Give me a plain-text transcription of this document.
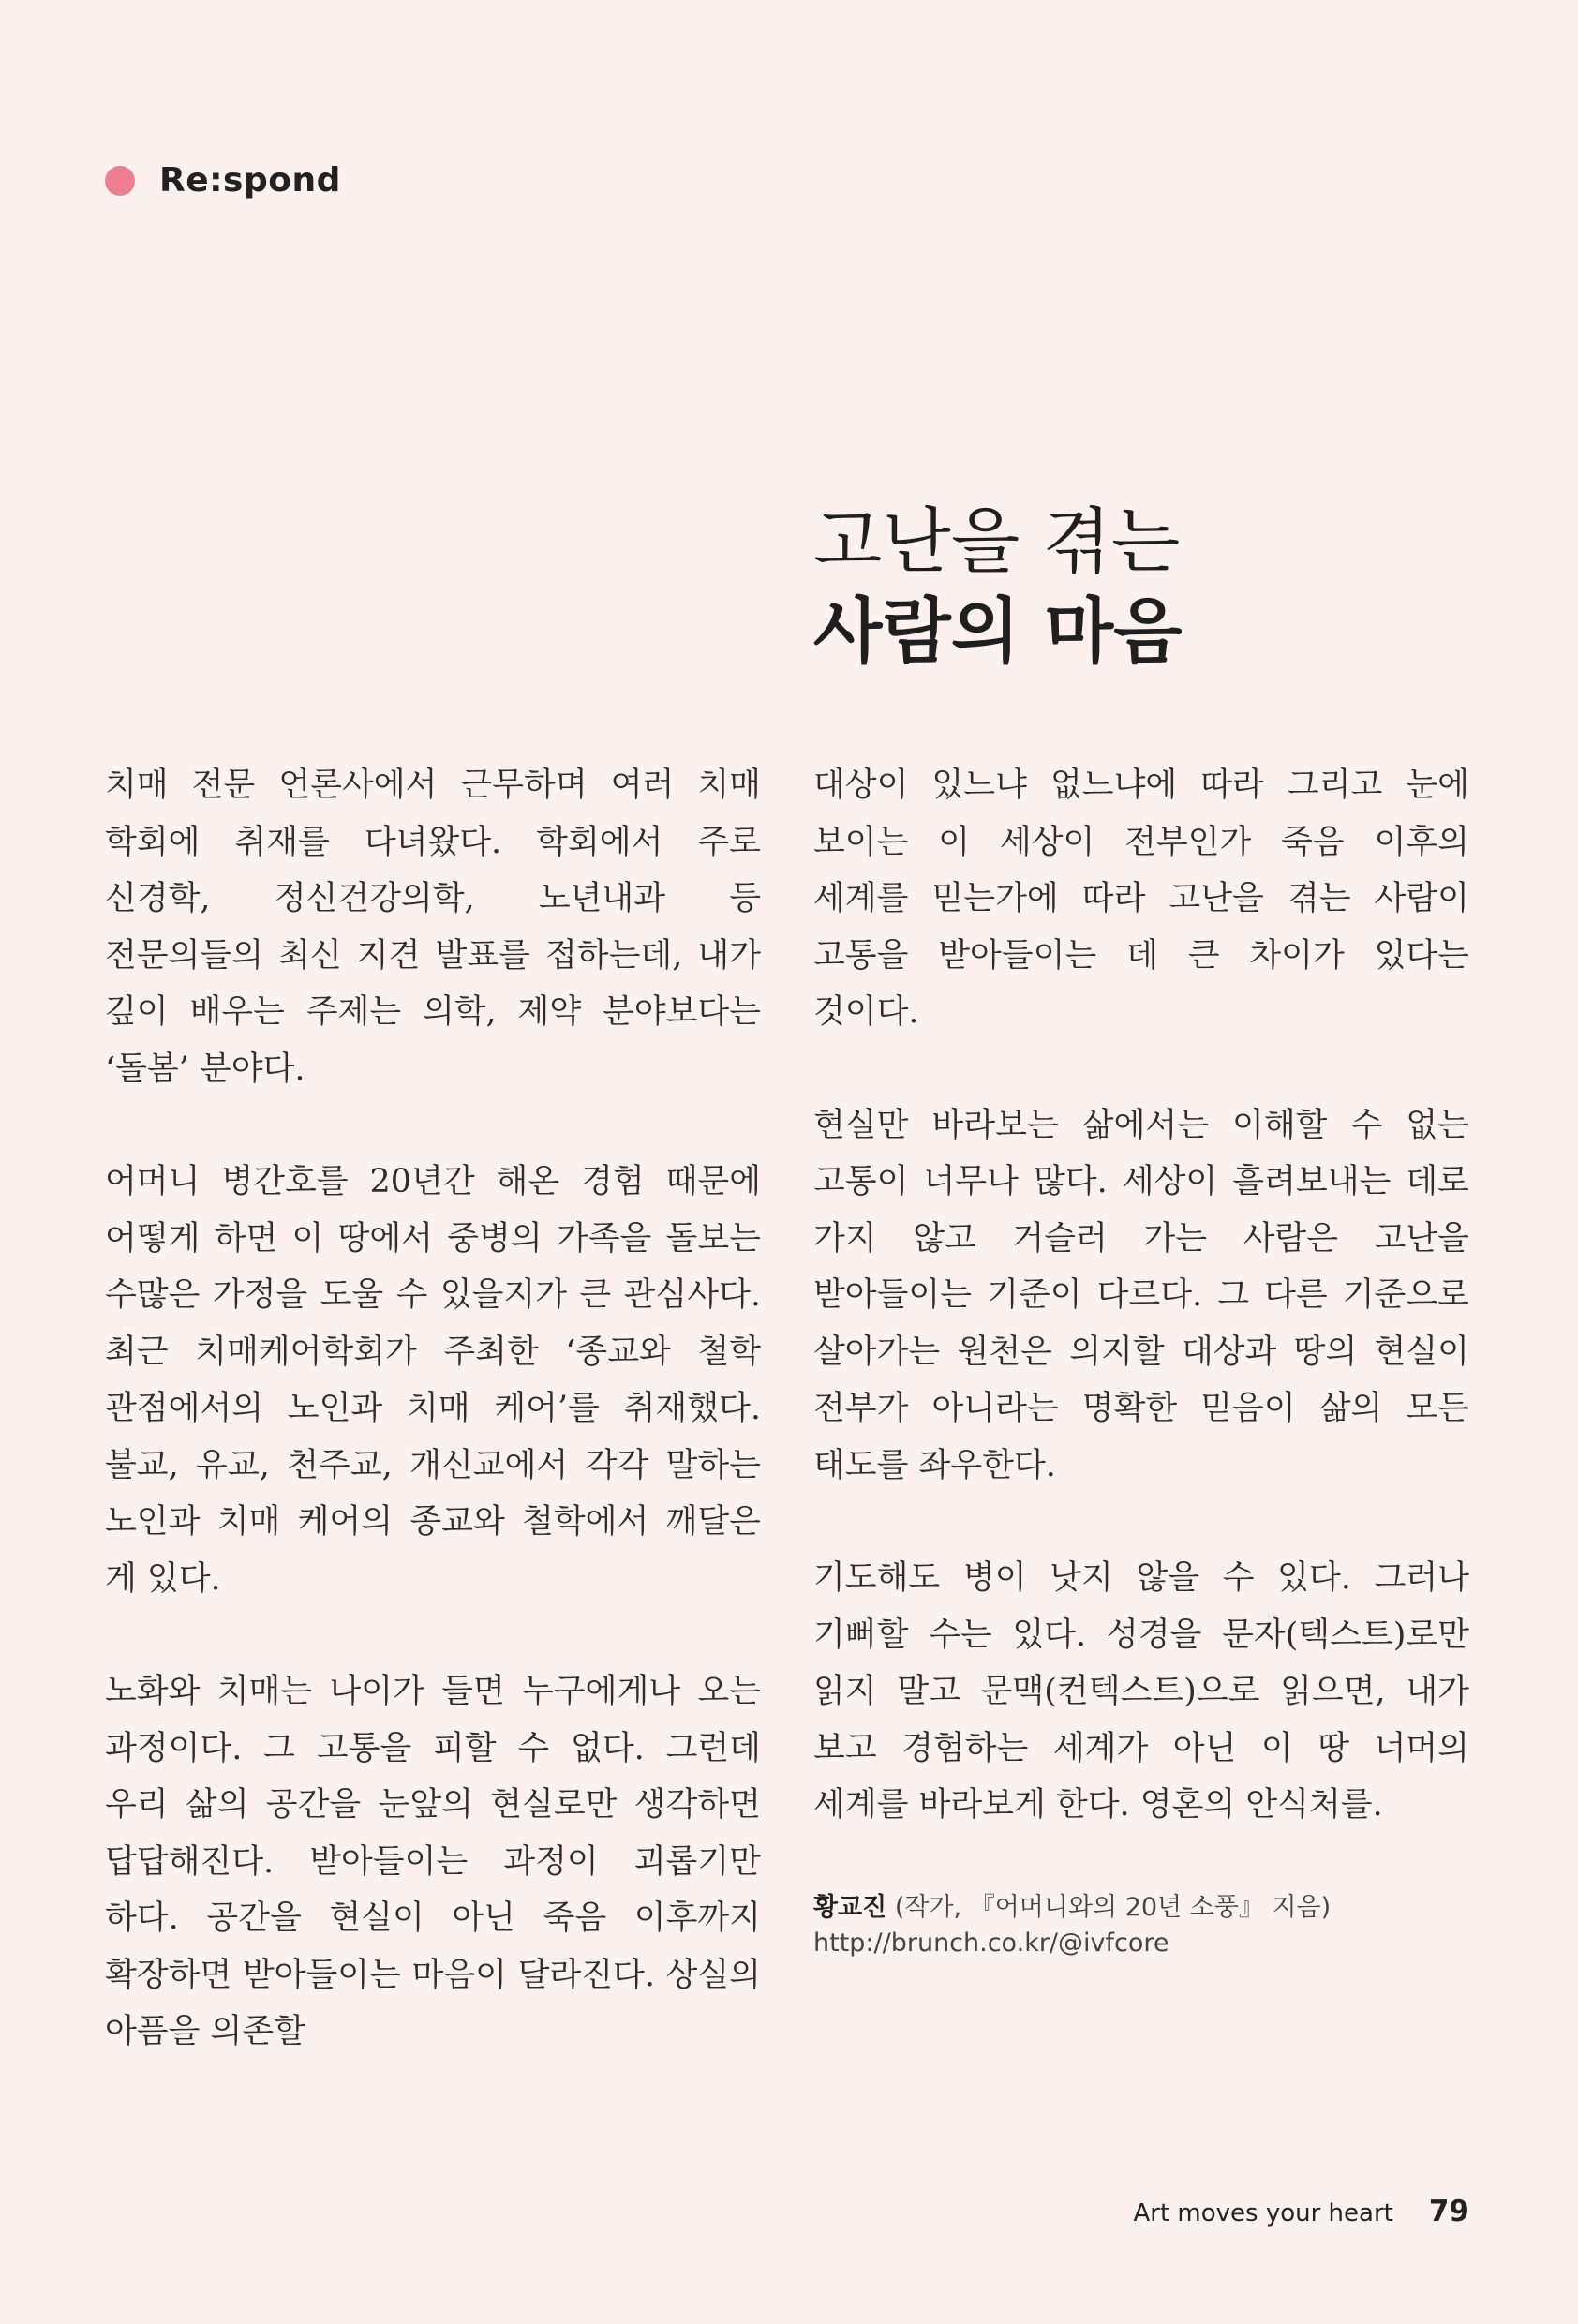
Re:spond
고난을 겪는
사람의 마음

치매 전문 언론사에서 근무하며 여러 치매 학회에 취재를 다녀왔다. 학회에서 주로 신경학, 정신건강의학, 노년내과 등 전문의들의 최신 지견 발표를 접하는데, 내가 깊이 배우는 주제는 의학, 제약 분야보다는 ‘돌봄’ 분야다.

어머니 병간호를 20년간 해온 경험 때문에 어떻게 하면 이 땅에서 중병의 가족을 돌보는 수많은 가정을 도울 수 있을지가 큰 관심사다. 최근 치매케어학회가 주최한 ‘종교와 철학 관점에서의 노인과 치매 케어’를 취재했다. 불교, 유교, 천주교, 개신교에서 각각 말하는 노인과 치매 케어의 종교와 철학에서 깨달은 게 있다.

노화와 치매는 나이가 들면 누구에게나 오는 과정이다. 그 고통을 피할 수 없다. 그런데 우리 삶의 공간을 눈앞의 현실로만 생각하면 답답해진다. 받아들이는 과정이 괴롭기만 하다. 공간을 현실이 아닌 죽음 이후까지 확장하면 받아들이는 마음이 달라진다. 상실의 아픔을 의존할

대상이 있느냐 없느냐에 따라 그리고 눈에 보이는 이 세상이 전부인가 죽음 이후의 세계를 믿는가에 따라 고난을 겪는 사람이 고통을 받아들이는 데 큰 차이가 있다는 것이다.

현실만 바라보는 삶에서는 이해할 수 없는 고통이 너무나 많다. 세상이 흘려보내는 데로 가지 않고 거슬러 가는 사람은 고난을 받아들이는 기준이 다르다. 그 다른 기준으로 살아가는 원천은 의지할 대상과 땅의 현실이 전부가 아니라는 명확한 믿음이 삶의 모든 태도를 좌우한다.

기도해도 병이 낫지 않을 수 있다. 그러나 기뻐할 수는 있다. 성경을 문자(텍스트)로만 읽지 말고 문맥(컨텍스트)으로 읽으면, 내가 보고 경험하는 세계가 아닌 이 땅 너머의 세계를 바라보게 한다. 영혼의 안식처를.

황교진 (작가, 『어머니와의 20년 소풍』 지음)
http://brunch.co.kr/@ivfcore
Art moves your heart 79
